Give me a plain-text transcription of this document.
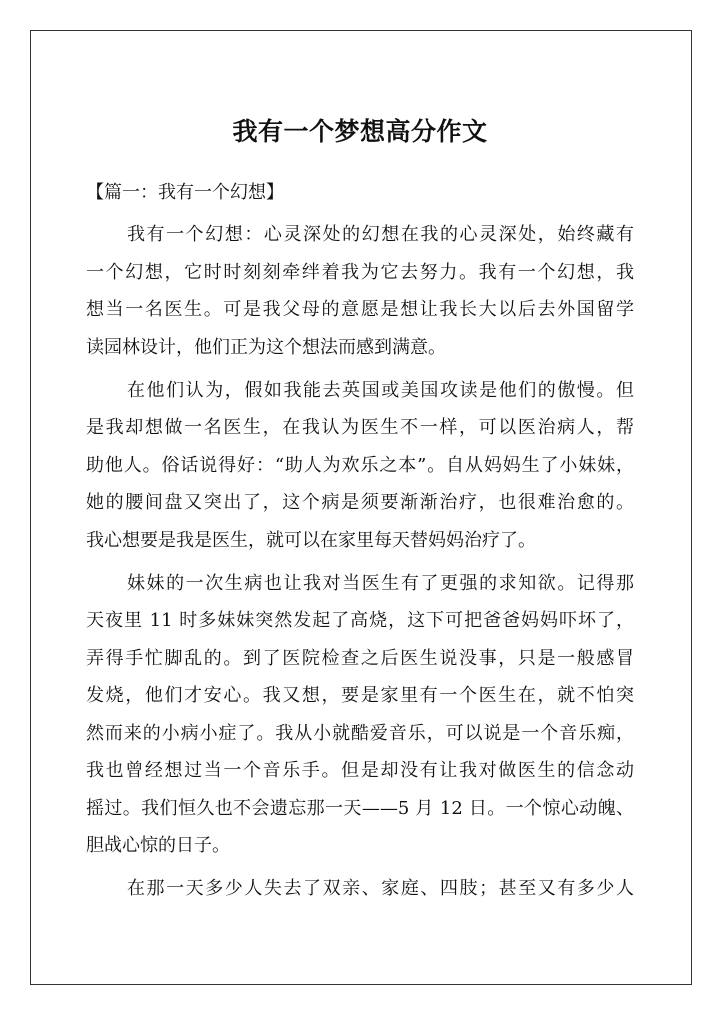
我有一个梦想高分作文

【篇一：我有一个幻想】

我有一个幻想：心灵深处的幻想在我的心灵深处，始终藏有
一个幻想，它时时刻刻牵绊着我为它去努力。我有一个幻想，我
想当一名医生。可是我父母的意愿是想让我长大以后去外国留学
读园林设计，他们正为这个想法而感到满意。
在他们认为，假如我能去英国或美国攻读是他们的傲慢。但
是我却想做一名医生，在我认为医生不一样，可以医治病人，帮
助他人。俗话说得好：“助人为欢乐之本”。自从妈妈生了小妹妹，
她的腰间盘又突出了，这个病是须要渐渐治疗，也很难治愈的。
我心想要是我是医生，就可以在家里每天替妈妈治疗了。
妹妹的一次生病也让我对当医生有了更强的求知欲。记得那
天夜里 11 时多妹妹突然发起了高烧，这下可把爸爸妈妈吓坏了，
弄得手忙脚乱的。到了医院检查之后医生说没事，只是一般感冒
发烧，他们才安心。我又想，要是家里有一个医生在，就不怕突
然而来的小病小症了。我从小就酷爱音乐，可以说是一个音乐痴，
我也曾经想过当一个音乐手。但是却没有让我对做医生的信念动
摇过。我们恒久也不会遗忘那一天——5 月 12 日。一个惊心动魄、
胆战心惊的日子。
在那一天多少人失去了双亲、家庭、四肢；甚至又有多少人
